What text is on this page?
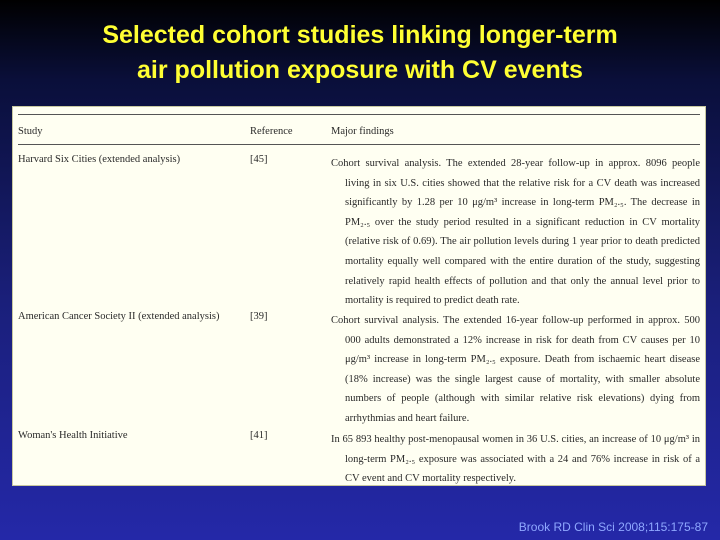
Selected cohort studies linking longer-term
air pollution exposure with CV events
Study	Reference	Major findings
Harvard Six Cities (extended analysis)	[45]	Cohort survival analysis. The extended 28-year follow-up in approx. 8096 people living in six U.S. cities showed that the relative risk for a CV death was increased significantly by 1.28 per 10 μg/m³ increase in long-term PM₂.₅. The decrease in PM₂.₅ over the study period resulted in a significant reduction in CV mortality (relative risk of 0.69). The air pollution levels during 1 year prior to death predicted mortality equally well compared with the entire duration of the study, suggesting relatively rapid health effects of pollution and that only the annual level prior to mortality is required to predict death rate.

American Cancer Society II (extended analysis)	[39]	Cohort survival analysis. The extended 16-year follow-up performed in approx. 500 000 adults demonstrated a 12% increase in risk for death from CV causes per 10 μg/m³ increase in long-term PM₂.₅ exposure. Death from ischaemic heart disease (18% increase) was the single largest cause of mortality, with smaller absolute numbers of people (although with similar relative risk elevations) dying from arrhythmias and heart failure.

Woman's Health Initiative	[41]	In 65 893 healthy post-menopausal women in 36 U.S. cities, an increase of 10 μg/m³ in long-term PM₂.₅ exposure was associated with a 24 and 76% increase in risk of a CV event and CV mortality respectively.

Brook RD Clin Sci 2008;115:175-87
